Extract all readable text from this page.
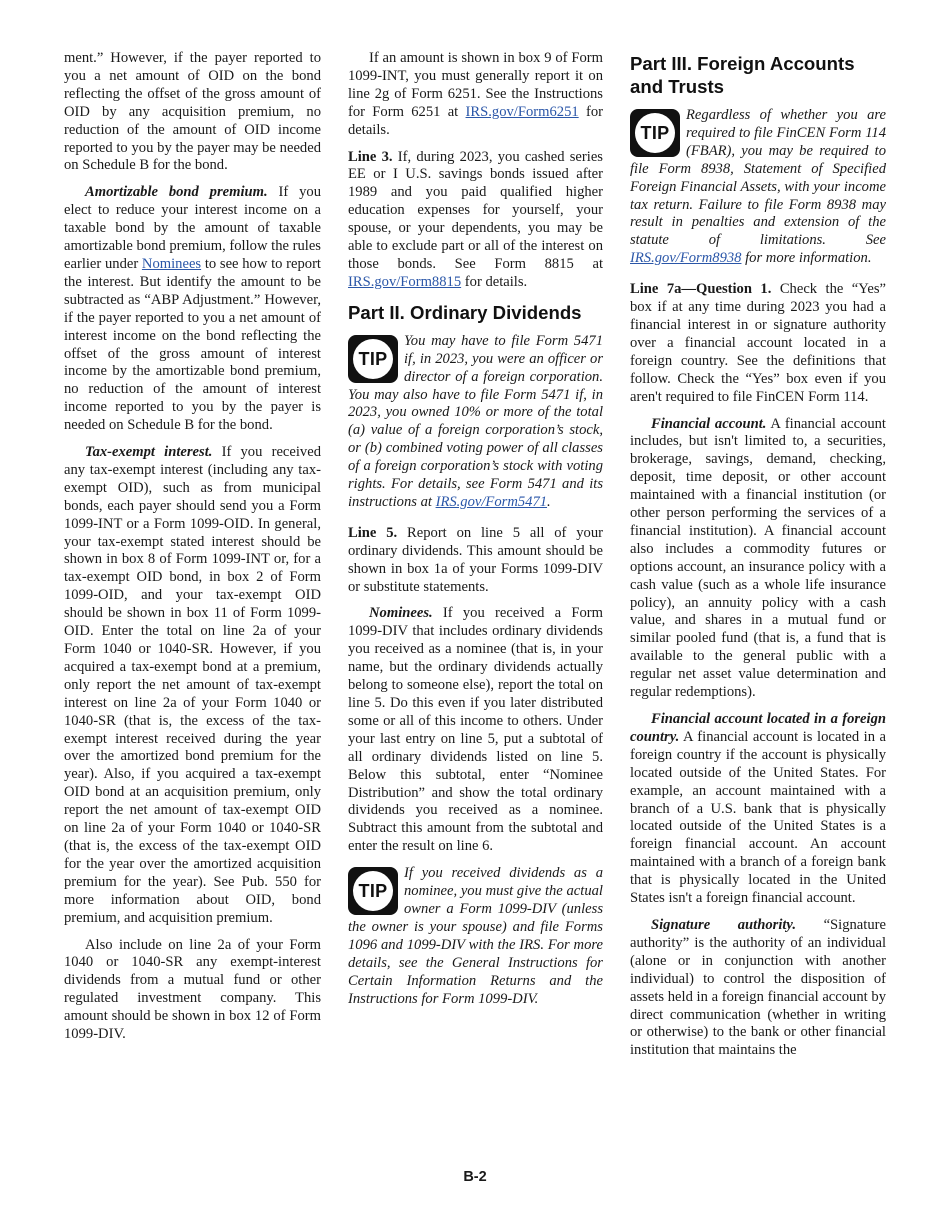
ment.” However, if the payer reported to you a net amount of OID on the bond reflecting the offset of the gross amount of OID by any acquisition premium, no reduction of the amount of OID income reported to you by the payer may be needed on Schedule B for the bond.

Amortizable bond premium. If you elect to reduce your interest income on a taxable bond by the amount of taxable amortizable bond premium, follow the rules earlier under Nominees to see how to report the interest. But identify the amount to be subtracted as “ABP Adjustment.” However, if the payer reported to you a net amount of interest income on the bond reflecting the offset of the gross amount of interest income by the amortizable bond premium, no reduction of the amount of interest income reported to you by the payer is needed on Schedule B for the bond.

Tax-exempt interest. If you received any tax-exempt interest (including any tax-exempt OID), such as from municipal bonds, each payer should send you a Form 1099-INT or a Form 1099-OID. In general, your tax-exempt stated interest should be shown in box 8 of Form 1099-INT or, for a tax-exempt OID bond, in box 2 of Form 1099-OID, and your tax-exempt OID should be shown in box 11 of Form 1099-OID. Enter the total on line 2a of your Form 1040 or 1040-SR. However, if you acquired a tax-exempt bond at a premium, only report the net amount of tax-exempt interest on line 2a of your Form 1040 or 1040-SR (that is, the excess of the tax-exempt interest received during the year over the amortized bond premium for the year). Also, if you acquired a tax-exempt OID bond at an acquisition premium, only report the net amount of tax-exempt OID on line 2a of your Form 1040 or 1040-SR (that is, the excess of the tax-exempt OID for the year over the amortized acquisition premium for the year). See Pub. 550 for more information about OID, bond premium, and acquisition premium.

Also include on line 2a of your Form 1040 or 1040-SR any exempt-interest dividends from a mutual fund or other regulated investment company. This amount should be shown in box 12 of Form 1099-DIV.

If an amount is shown in box 9 of Form 1099-INT, you must generally report it on line 2g of Form 6251. See the Instructions for Form 6251 at IRS.gov/Form6251 for details.

Line 3. If, during 2023, you cashed series EE or I U.S. savings bonds issued after 1989 and you paid qualified higher education expenses for yourself, your spouse, or your dependents, you may be able to exclude part or all of the interest on those bonds. See Form 8815 at IRS.gov/Form8815 for details.

Part II. Ordinary Dividends
TIP
You may have to file Form 5471 if, in 2023, you were an officer or director of a foreign corporation. You may also have to file Form 5471 if, in 2023, you owned 10% or more of the total (a) value of a foreign corporation’s stock, or (b) combined voting power of all classes of a foreign corporation’s stock with voting rights. For details, see Form 5471 and its instructions at IRS.gov/Form5471.

Line 5. Report on line 5 all of your ordinary dividends. This amount should be shown in box 1a of your Forms 1099-DIV or substitute statements.

Nominees. If you received a Form 1099-DIV that includes ordinary dividends you received as a nominee (that is, in your name, but the ordinary dividends actually belong to someone else), report the total on line 5. Do this even if you later distributed some or all of this income to others. Under your last entry on line 5, put a subtotal of all ordinary dividends listed on line 5. Below this subtotal, enter “Nominee Distribution” and show the total ordinary dividends you received as a nominee. Subtract this amount from the subtotal and enter the result on line 6.

TIP
If you received dividends as a nominee, you must give the actual owner a Form 1099-DIV (unless the owner is your spouse) and file Forms 1096 and 1099-DIV with the IRS. For more details, see the General Instructions for Certain Information Returns and the Instructions for Form 1099-DIV.
Part III. Foreign Accounts and Trusts
TIP
Regardless of whether you are required to file FinCEN Form 114 (FBAR), you may be required to file Form 8938, Statement of Specified Foreign Financial Assets, with your income tax return. Failure to file Form 8938 may result in penalties and extension of the statute of limitations. See IRS.gov/Form8938 for more information.

Line 7a—Question 1. Check the “Yes” box if at any time during 2023 you had a financial interest in or signature authority over a financial account located in a foreign country. See the definitions that follow. Check the “Yes” box even if you aren't required to file FinCEN Form 114.

Financial account. A financial account includes, but isn't limited to, a securities, brokerage, savings, demand, checking, deposit, time deposit, or other account maintained with a financial institution (or other person performing the services of a financial institution). A financial account also includes a commodity futures or options account, an insurance policy with a cash value (such as a whole life insurance policy), an annuity policy with a cash value, and shares in a mutual fund or similar pooled fund (that is, a fund that is available to the general public with a regular net asset value determination and regular redemptions).

Financial account located in a foreign country. A financial account is located in a foreign country if the account is physically located outside of the United States. For example, an account maintained with a branch of a U.S. bank that is physically located outside of the United States is a foreign financial account. An account maintained with a branch of a foreign bank that is physically located in the United States isn't a foreign financial account.

Signature authority. “Signature authority” is the authority of an individual (alone or in conjunction with another individual) to control the disposition of assets held in a foreign financial account by direct communication (whether in writing or otherwise) to the bank or other financial institution that maintains the

B-2
